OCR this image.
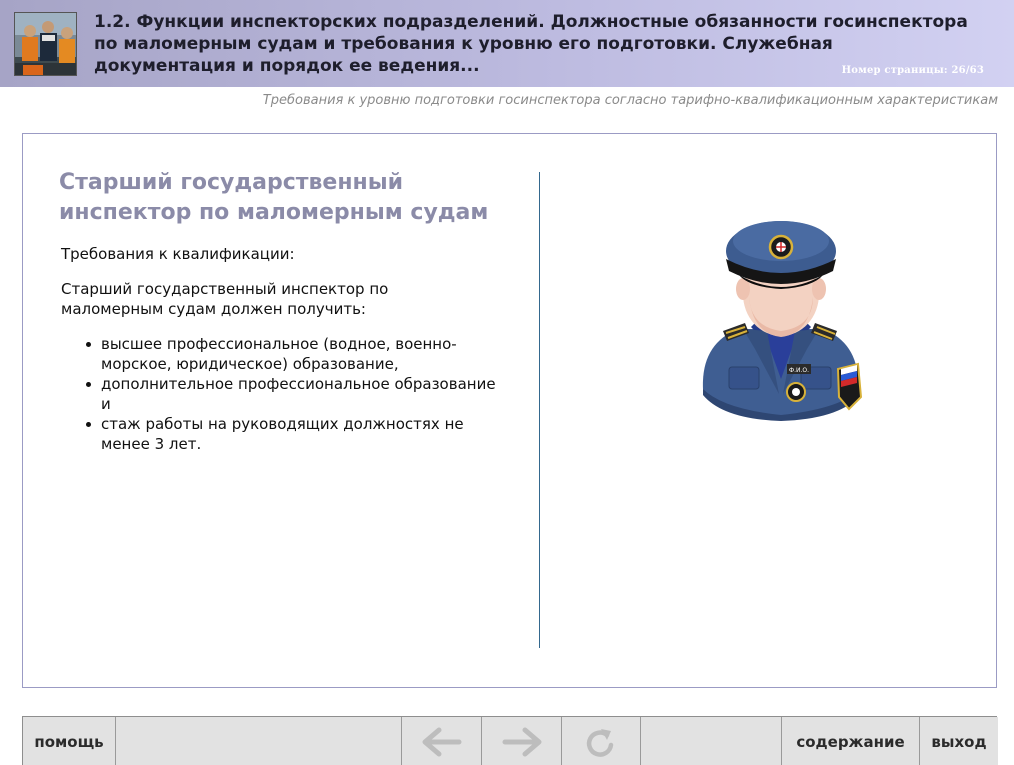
1.2. Функции инспекторских подразделений. Должностные обязанности госинспектора по маломерным судам и требования к уровню его подготовки. Служебная документация и порядок ее ведения...	Номер страницы: 26/63
Требования к уровню подготовки госинспектора согласно тарифно-квалификационным характеристикам
Старший государственный инспектор по маломерным судам
Требования к квалификации:
Старший государственный инспектор по маломерным судам должен получить:
высшее профессиональное (водное, военно-морское, юридическое) образование,
дополнительное профессиональное образование и
стаж работы на руководящих должностях не менее 3 лет.
Ф.И.О.
помощь	содержание	выход
